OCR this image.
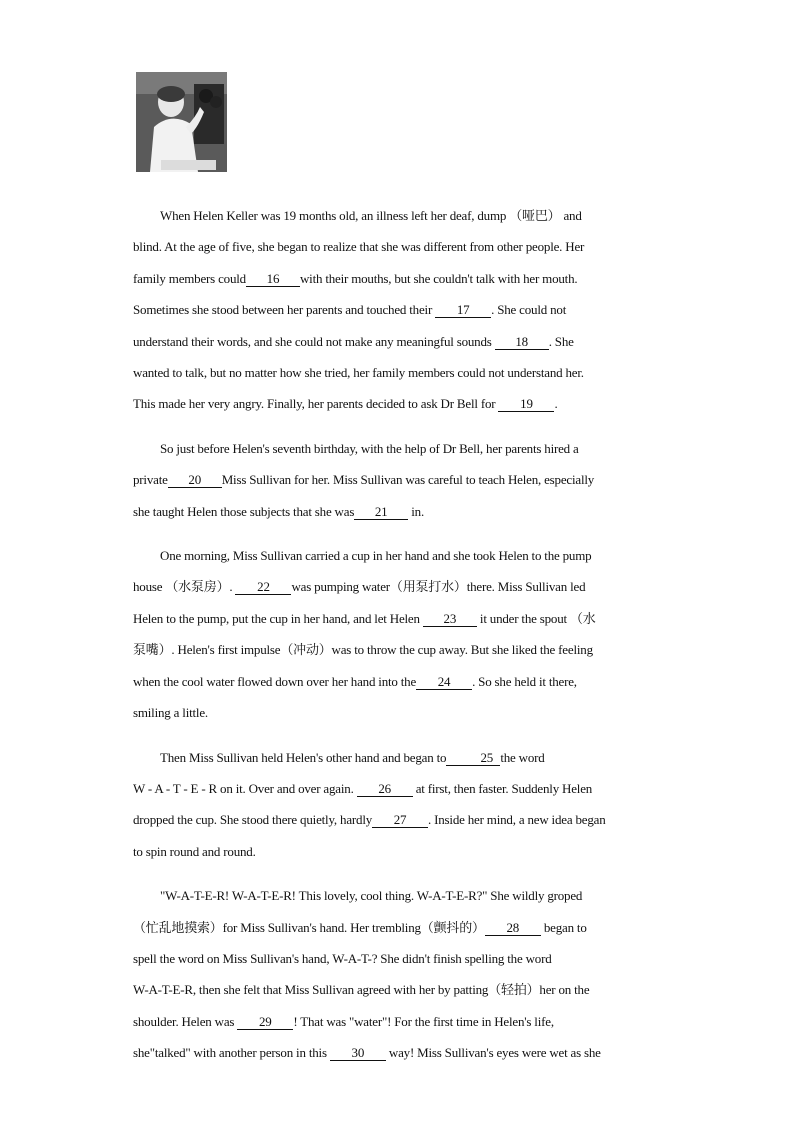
When Helen Keller was 19 months old, an illness left her deaf, dump （哑巴） and
blind. At the age of five, she began to realize that she was different from other people. Her
family members could 16 with their mouths, but she couldn't talk with her mouth.
Sometimes she stood between her parents and touched their 17 . She could not
understand their words, and she could not make any meaningful sounds 18 . She
wanted to talk, but no matter how she tried, her family members could not understand her.
This made her very angry. Finally, her parents decided to ask Dr Bell for 19 .
So just before Helen's seventh birthday, with the help of Dr Bell, her parents hired a
private 20 Miss Sullivan for her. Miss Sullivan was careful to teach Helen, especially
she taught Helen those subjects that she was 21 in.
One morning, Miss Sullivan carried a cup in her hand and she took Helen to the pump
house （水泵房）. 22 was pumping water（用泵打水）there. Miss Sullivan led
Helen to the pump, put the cup in her hand, and let Helen 23 it under the spout （水
泵嘴）. Helen's first impulse（冲动）was to throw the cup away. But she liked the feeling
when the cool water flowed down over her hand into the 24 . So she held it there,
smiling a little.
Then Miss Sullivan held Helen's other hand and began to	25 the word
W - A - T - E - R on it. Over and over again. 26 at first, then faster. Suddenly Helen
dropped the cup. She stood there quietly, hardly 27 . Inside her mind, a new idea began
to spin round and round.
"W-A-T-E-R! W-A-T-E-R! This lovely, cool thing. W-A-T-E-R?" She wildly groped
（忙乱地摸索）for Miss Sullivan's hand. Her trembling（颤抖的） 28 began to
spell the word on Miss Sullivan's hand, W-A-T-? She didn't finish spelling the word
W-A-T-E-R, then she felt that Miss Sullivan agreed with her by patting（轻拍）her on the
shoulder. Helen was 29 ! That was "water"! For the first time in Helen's life,
she"talked" with another person in this 30 way! Miss Sullivan's eyes were wet as she
